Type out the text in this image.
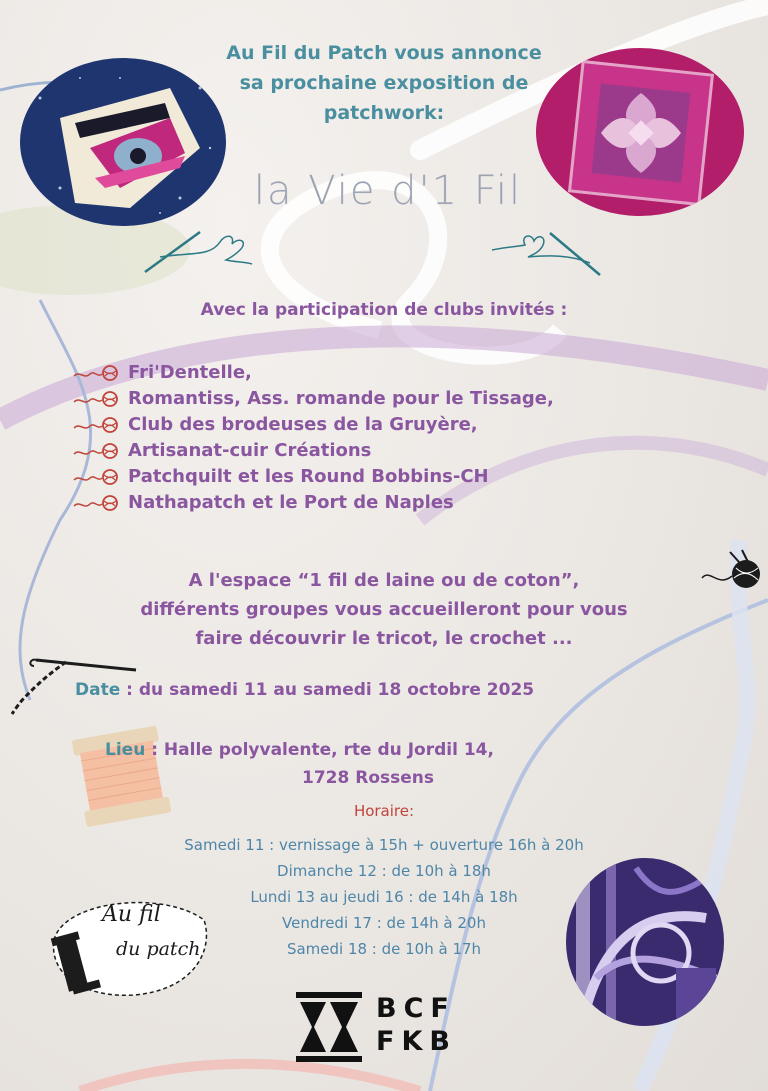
Au Fil du Patch vous annonce
sa prochaine exposition de
patchwork:
la Vie d'1 Fil
Avec la participation de clubs invités :
Fri'Dentelle,
Romantiss, Ass. romande pour le Tissage,
Club des brodeuses de la Gruyère,
Artisanat-cuir Créations
Patchquilt et les Round Bobbins-CH
Nathapatch et le Port de Naples
A l'espace “1 fil de laine ou de coton”,
différents groupes vous accueilleront pour vous
faire découvrir le tricot, le crochet ...
Date : du samedi 11 au samedi 18 octobre 2025
Lieu : Halle polyvalente, rte du Jordil 14,
1728 Rossens
Horaire:
Samedi 11 : vernissage à 15h + ouverture 16h à 20h
Dimanche 12 : de 10h à 18h
Lundi 13 au jeudi 16 : de 14h à 18h
Vendredi 17 : de 14h à 20h
Samedi 18 : de 10h à 17h
Au fil
du patch
BCF
FKB
